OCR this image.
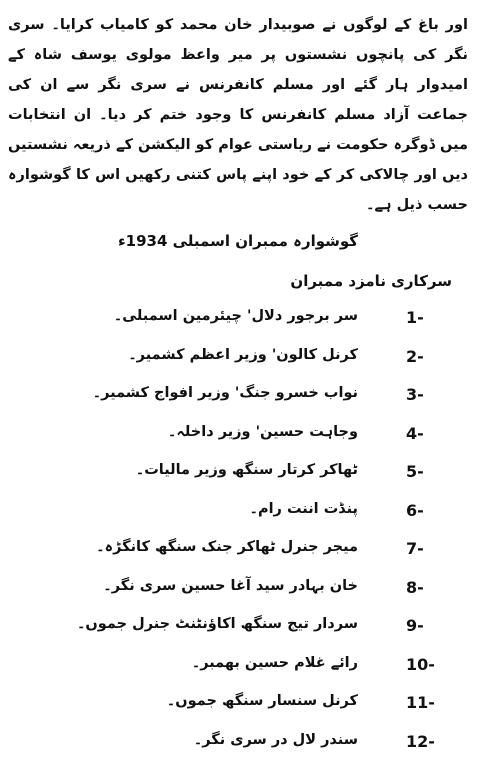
اور باغ کے لوگوں نے صوبیدار خان محمد کو کامیاب کرایا۔ سری نگر کی پانچوں نشستوں پر میر واعظ مولوی یوسف شاہ کے امیدوار ہار گئے اور مسلم کانفرنس نے سری نگر سے ان کی جماعت آزاد مسلم کانفرنس کا وجود ختم کر دیا۔ ان انتخابات میں ڈوگرہ حکومت نے ریاستی عوام کو الیکشن کے ذریعہ نشستیں دیں اور چالاکی کر کے خود اپنے پاس کتنی رکھیں اس کا گوشوارہ حسب ذیل ہے۔

گوشوارہ ممبران اسمبلی 1934ء
سرکاری نامزد ممبران
1-
سر برجور دلال' چیئرمین اسمبلی۔
2-
کرنل کالون' وزیر اعظم کشمیر۔
3-
نواب خسرو جنگ' وزیر افواج کشمیر۔
4-
وجاہت حسین' وزیر داخلہ۔
5-
ٹھاکر کرتار سنگھ وزیر مالیات۔
6-
پنڈت اننت رام۔
7-
میجر جنرل ٹھاکر جنک سنگھ کانگڑہ۔
8-
خان بہادر سید آغا حسین سری نگر۔
9-
سردار تیج سنگھ اکاؤنٹنٹ جنرل جموں۔
10-
رائے غلام حسین بھمبر۔
11-
کرنل سنسار سنگھ جموں۔
12-
سندر لال در سری نگر۔
